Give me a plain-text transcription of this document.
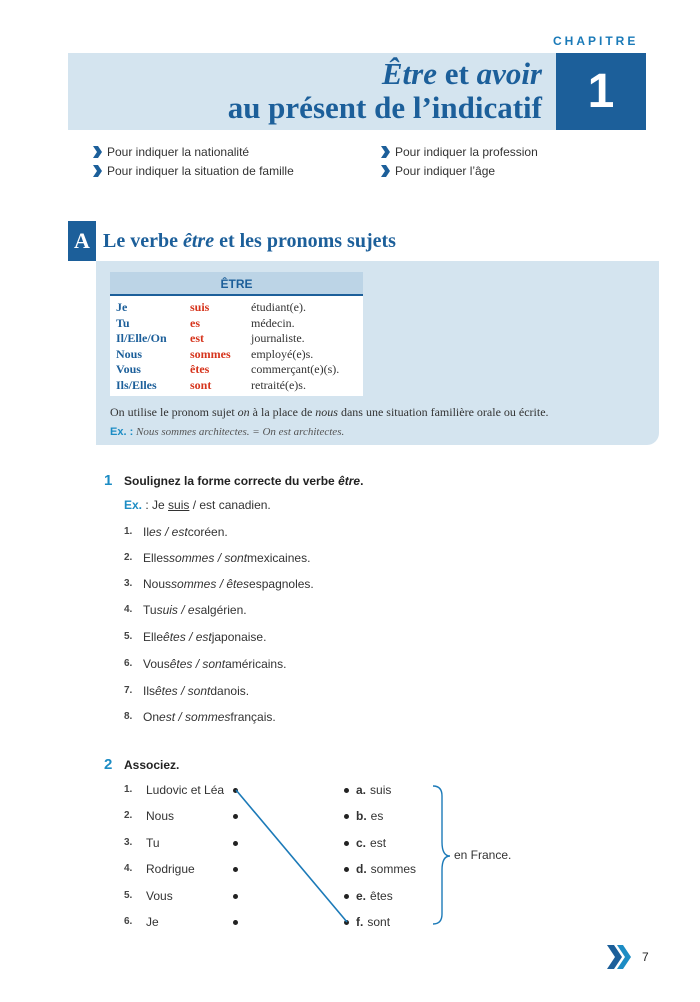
CHAPITRE
Être et avoir
au présent de l’indicatif 1
Pour indiquer la nationalité
Pour indiquer la situation de famille
Pour indiquer la profession
Pour indiquer l’âge
A Le verbe être et les pronoms sujets
ÊTRE
Je	suis	étudiant(e).
Tu	es	médecin.
Il/Elle/On	est	journaliste.
Nous	sommes	employé(e)s.
Vous	êtes	commerçant(e)(s).
Ils/Elles	sont	retraité(e)s.
On utilise le pronom sujet on à la place de nous dans une situation familière orale ou écrite.
Ex. : Nous sommes architectes. = On est architectes.
1 Soulignez la forme correcte du verbe être.
Ex. : Je suis / est canadien.
1. Il es / est coréen.
2. Elles sommes / sont mexicaines.
3. Nous sommes / êtes espagnoles.
4. Tu suis / es algérien.
5. Elle êtes / est japonaise.
6. Vous êtes / sont américains.
7. Ils êtes / sont danois.
8. On est / sommes français.
2 Associez.
1.	Ludovic et Léa
2.	Nous
3.	Tu
4.	Rodrigue
5.	Vous
6.	Je
a. suis
b. es
c. est
d. sommes
e. êtes
f. sont
en France.
7
